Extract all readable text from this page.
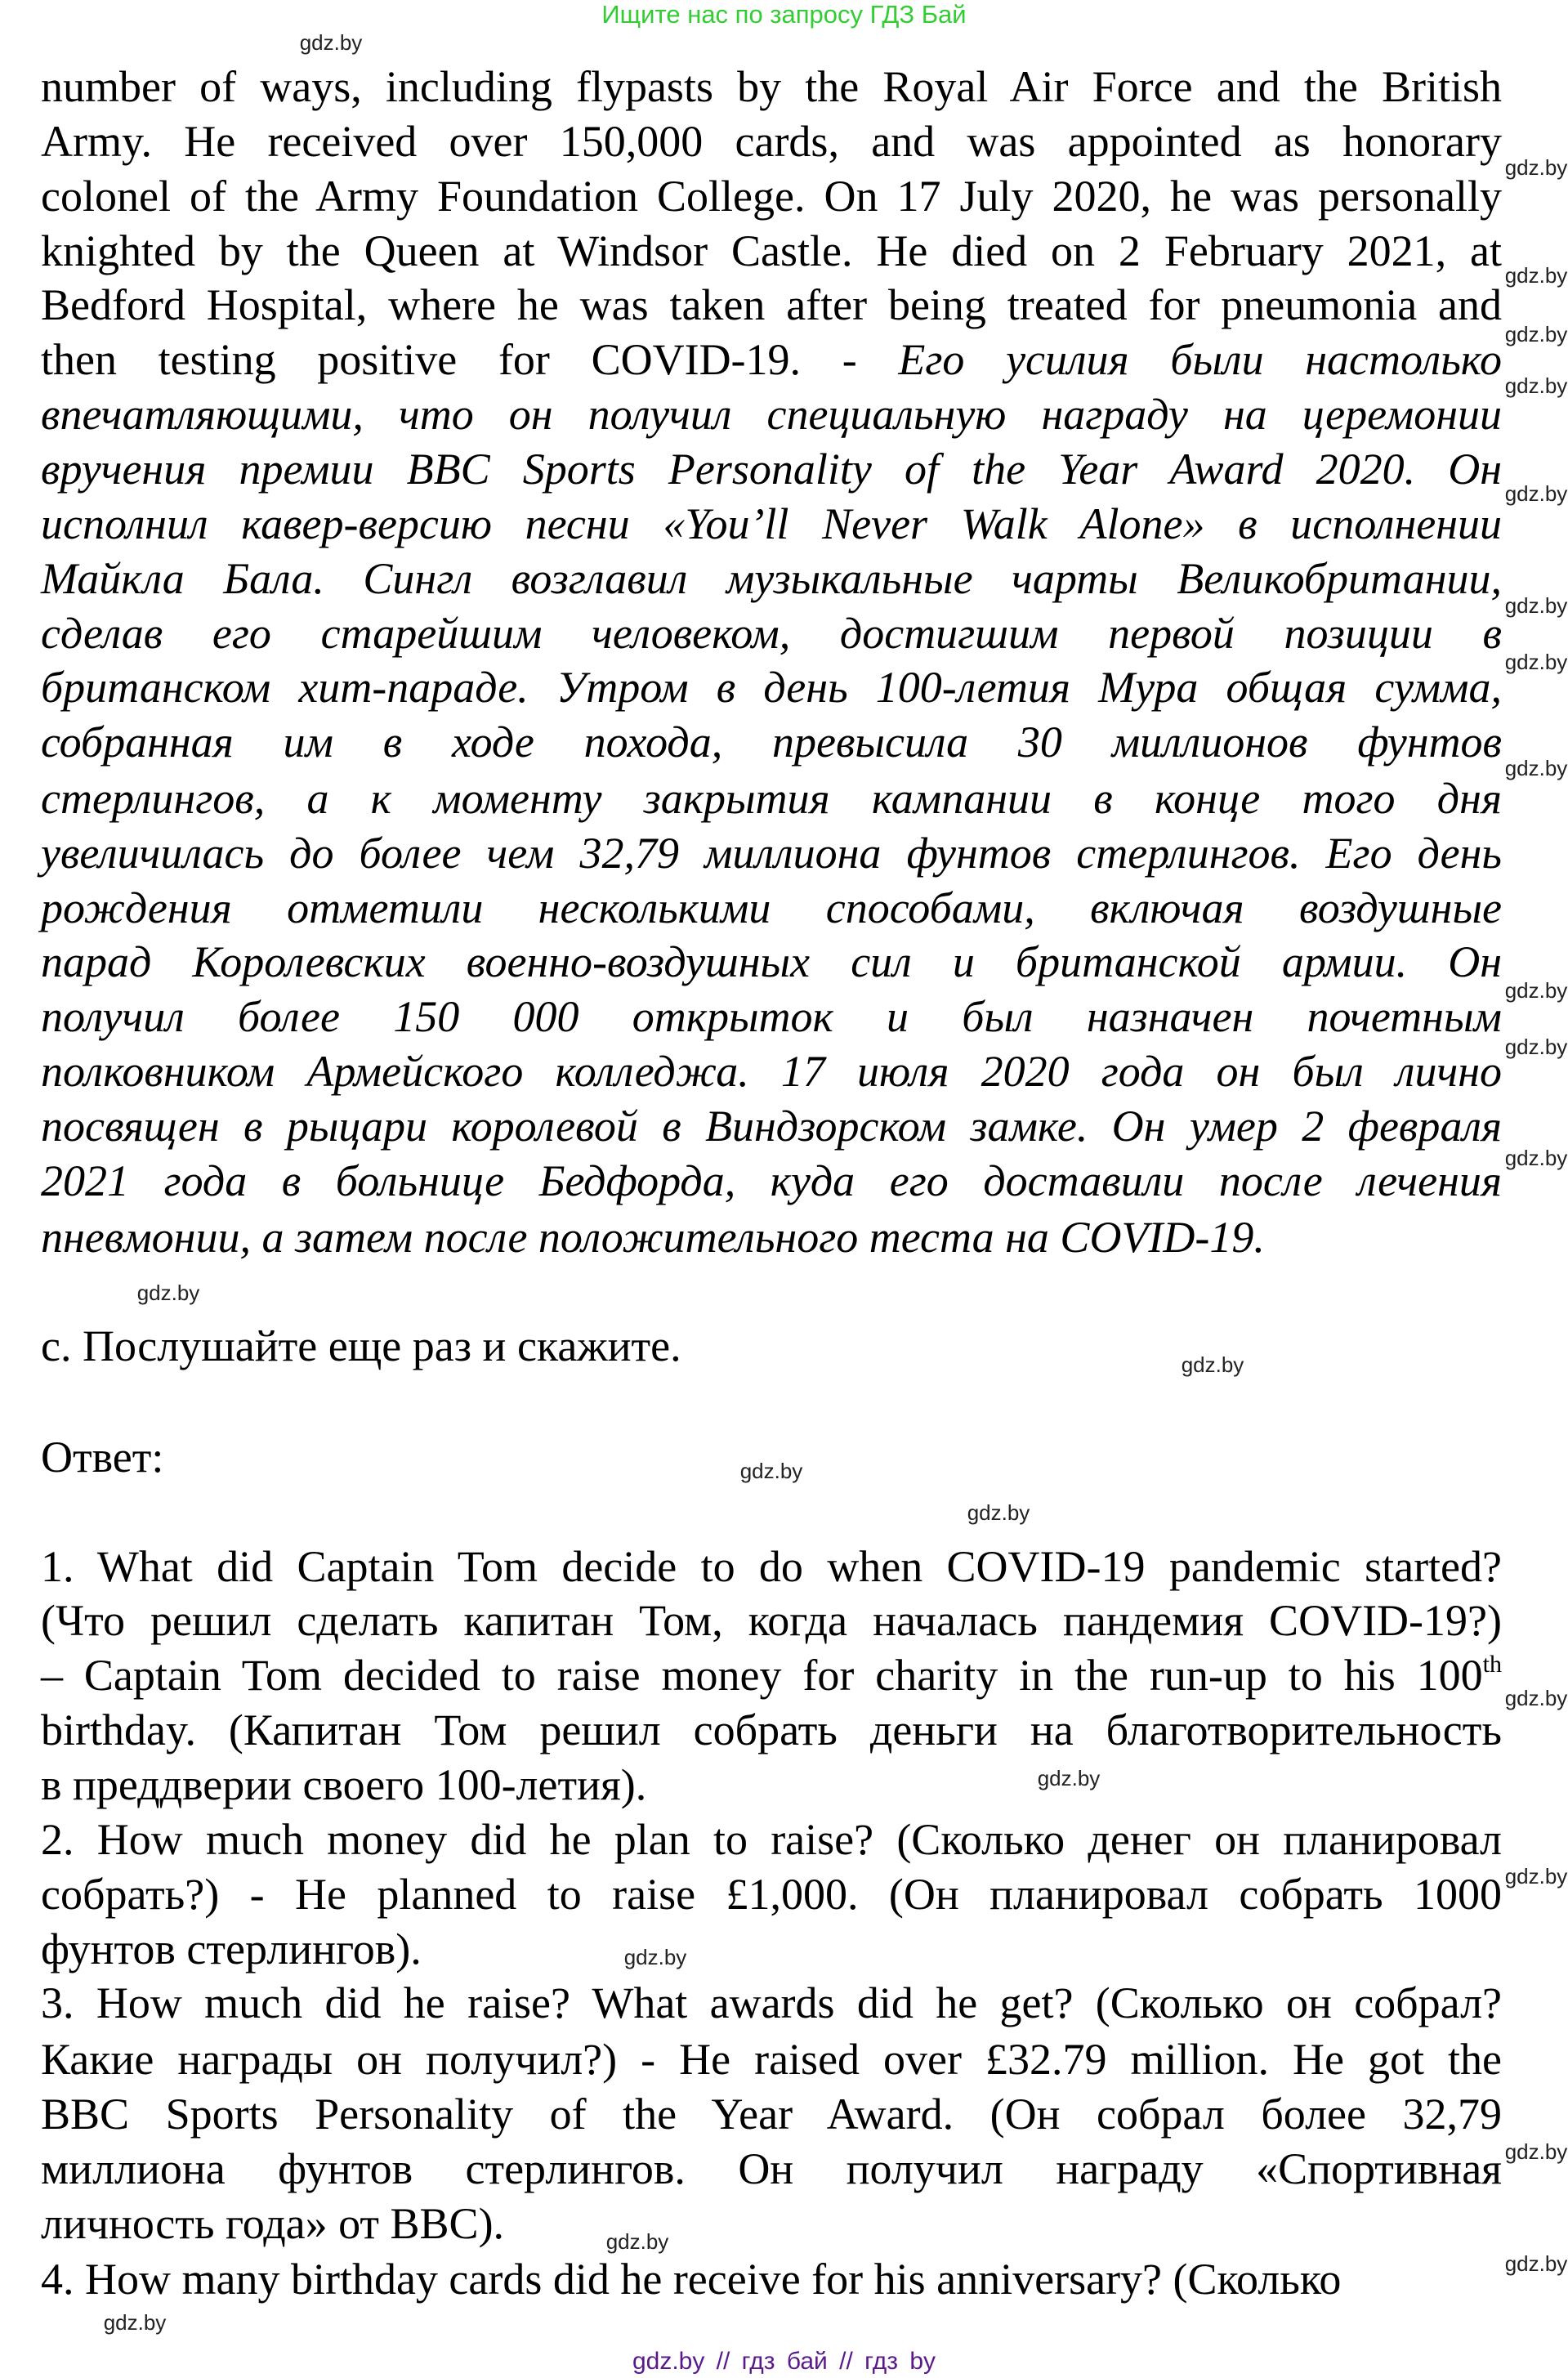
Ищите нас по запросу ГДЗ Бай
number of ways, including flypasts by the Royal Air Force and the British
Army. He received over 150,000 cards, and was appointed as honorary
colonel of the Army Foundation College. On 17 July 2020, he was personally
knighted by the Queen at Windsor Castle. He died on 2 February 2021, at
Bedford Hospital, where he was taken after being treated for pneumonia and
then testing positive for COVID-19. - Его усилия были настолько
впечатляющими, что он получил специальную награду на церемонии
вручения премии BBC Sports Personality of the Year Award 2020. Он
исполнил кавер-версию песни «You’ll Never Walk Alone» в исполнении
Майкла Бала. Сингл возглавил музыкальные чарты Великобритании,
сделав его старейшим человеком, достигшим первой позиции в
британском хит-параде. Утром в день 100-летия Мура общая сумма,
собранная им в ходе похода, превысила 30 миллионов фунтов
стерлингов, а к моменту закрытия кампании в конце того дня
увеличилась до более чем 32,79 миллиона фунтов стерлингов. Его день
рождения отметили несколькими способами, включая воздушные
парад Королевских военно-воздушных сил и британской армии. Он
получил более 150 000 открыток и был назначен почетным
полковником Армейского колледжа. 17 июля 2020 года он был лично
посвящен в рыцари королевой в Виндзорском замке. Он умер 2 февраля
2021 года в больнице Бедфорда, куда его доставили после лечения
пневмонии, а затем после положительного теста на COVID-19.
c. Послушайте еще раз и скажите.
Ответ:
1. What did Captain Tom decide to do when COVID-19 pandemic started?
(Что решил сделать капитан Том, когда началась пандемия COVID-19?)
– Captain Tom decided to raise money for charity in the run-up to his 100th
birthday. (Капитан Том решил собрать деньги на благотворительность
в преддверии своего 100-летия).
2. How much money did he plan to raise? (Сколько денег он планировал
собрать?) - He planned to raise £1,000. (Он планировал собрать 1000
фунтов стерлингов).
3. How much did he raise? What awards did he get? (Сколько он собрал?
Какие награды он получил?) - He raised over £32.79 million. He got the
BBC Sports Personality of the Year Award. (Он собрал более 32,79
миллиона фунтов стерлингов. Он получил награду «Спортивная
личность года» от BBC).
4. How many birthday cards did he receive for his anniversary? (Сколько
gdz.by // гдз бай // гдз by
gdz.by
gdz.by
gdz.by
gdz.by
gdz.by
gdz.by
gdz.by
gdz.by
gdz.by
gdz.by
gdz.by
gdz.by
gdz.by
gdz.by
gdz.by
gdz.by
gdz.by
gdz.by
gdz.by
gdz.by
gdz.by
gdz.by
gdz.by
gdz.by
